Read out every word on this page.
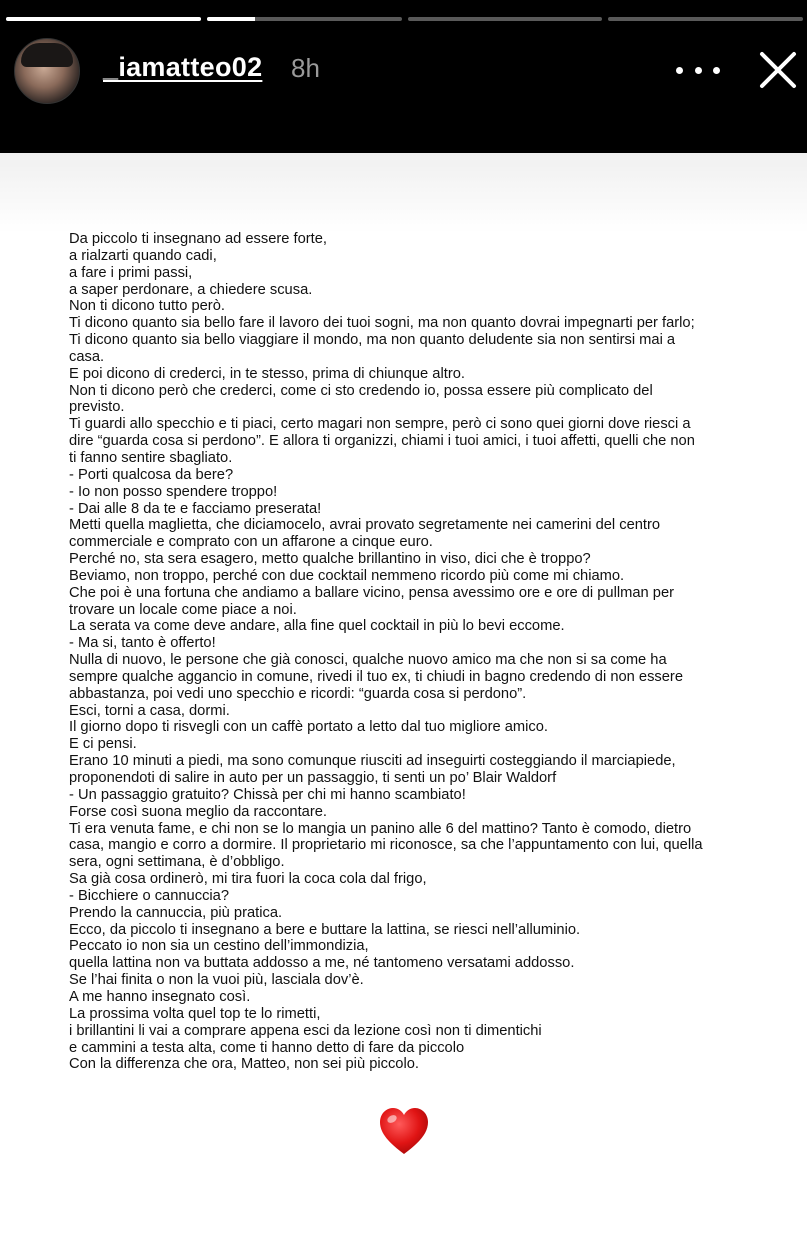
_iamatteo02 8h
Da piccolo ti insegnano ad essere forte,
a rialzarti quando cadi,
a fare i primi passi,
a saper perdonare, a chiedere scusa.
Non ti dicono tutto però.
Ti dicono quanto sia bello fare il lavoro dei tuoi sogni, ma non quanto dovrai impegnarti per farlo;
Ti dicono quanto sia bello viaggiare il mondo, ma non quanto deludente sia non sentirsi mai a
casa.
E poi dicono di crederci, in te stesso, prima di chiunque altro.
Non ti dicono però che crederci, come ci sto credendo io, possa essere più complicato del
previsto.
Ti guardi allo specchio e ti piaci, certo magari non sempre, però ci sono quei giorni dove riesci a
dire “guarda cosa si perdono”. E allora ti organizzi, chiami i tuoi amici, i tuoi affetti, quelli che non
ti fanno sentire sbagliato.
- Porti qualcosa da bere?
- Io non posso spendere troppo!
- Dai alle 8 da te e facciamo preserata!
Metti quella maglietta, che diciamocelo, avrai provato segretamente nei camerini del centro
commerciale e comprato con un affarone a cinque euro.
Perché no, sta sera esagero, metto qualche brillantino in viso, dici che è troppo?
Beviamo, non troppo, perché con due cocktail nemmeno ricordo più come mi chiamo.
Che poi è una fortuna che andiamo a ballare vicino, pensa avessimo ore e ore di pullman per
trovare un locale come piace a noi.
La serata va come deve andare, alla fine quel cocktail in più lo bevi eccome.
- Ma si, tanto è offerto!
Nulla di nuovo, le persone che già conosci, qualche nuovo amico ma che non si sa come ha
sempre qualche aggancio in comune, rivedi il tuo ex, ti chiudi in bagno credendo di non essere
abbastanza, poi vedi uno specchio e ricordi: “guarda cosa si perdono”.
Esci, torni a casa, dormi.
Il giorno dopo ti risvegli con un caffè portato a letto dal tuo migliore amico.
E ci pensi.
Erano 10 minuti a piedi, ma sono comunque riusciti ad inseguirti costeggiando il marciapiede,
proponendoti di salire in auto per un passaggio, ti senti un po’ Blair Waldorf
- Un passaggio gratuito? Chissà per chi mi hanno scambiato!
Forse così suona meglio da raccontare.
Ti era venuta fame, e chi non se lo mangia un panino alle 6 del mattino? Tanto è comodo, dietro
casa, mangio e corro a dormire. Il proprietario mi riconosce, sa che l’appuntamento con lui, quella
sera, ogni settimana, è d’obbligo.
Sa già cosa ordinerò, mi tira fuori la coca cola dal frigo,
- Bicchiere o cannuccia?
Prendo la cannuccia, più pratica.
Ecco, da piccolo ti insegnano a bere e buttare la lattina, se riesci nell’alluminio.
Peccato io non sia un cestino dell’immondizia,
quella lattina non va buttata addosso a me, né tantomeno versatami addosso.
Se l’hai finita o non la vuoi più, lasciala dov’è.
A me hanno insegnato così.
La prossima volta quel top te lo rimetti,
i brillantini li vai a comprare appena esci da lezione così non ti dimentichi
e cammini a testa alta, come ti hanno detto di fare da piccolo
Con la differenza che ora, Matteo, non sei più piccolo.
